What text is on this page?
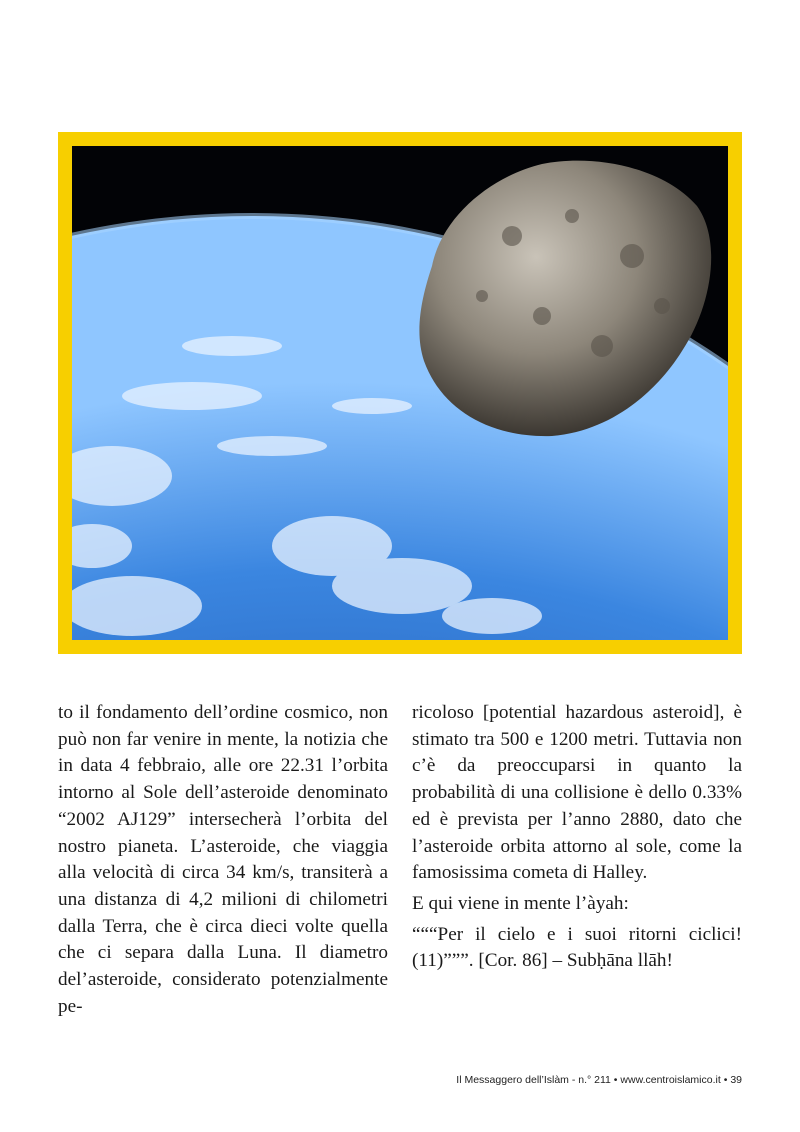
to il fondamento dell’ordine cosmico, non può non far venire in mente, la notizia che in data 4 febbraio, alle ore 22.31 l’orbita intorno al Sole dell’asteroide denominato “2002 AJ129” intersecherà l’orbita del nostro pianeta. L’asteroide, che viaggia alla velocità di circa 34 km/s, transiterà a una distanza di 4,2 milioni di chilometri dalla Terra, che è circa dieci volte quella che ci separa dalla Luna. Il diametro del’asteroide, considerato potenzialmente pe-

ricoloso [potential hazardous asteroid], è stimato tra 500 e 1200 metri. Tuttavia non c’è da preoccuparsi in quanto la probabilità di una collisione è dello 0.33% ed è prevista per l’anno 2880, dato che l’asteroide orbita attorno al sole, come la famosissima cometa di Halley.

E qui viene in mente l’àyah:

“““Per il cielo e i suoi ritorni ciclici! (11)”””. [Cor. 86] – Subḥāna llāh!

Il Messaggero dell’Islàm - n.° 211 • www.centroislamico.it • 39
